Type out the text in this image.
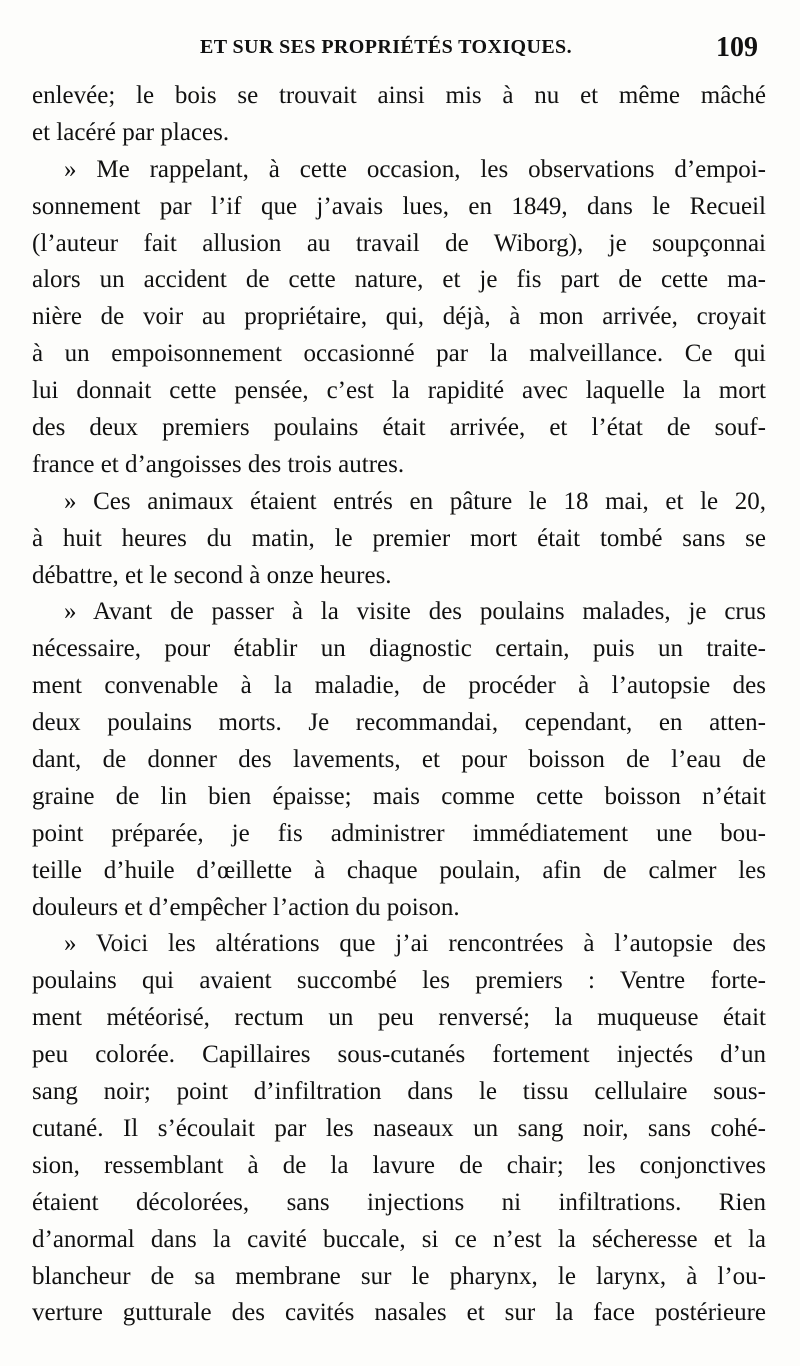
ET SUR SES PROPRIÉTÉS TOXIQUES.	109
enlevée; le bois se trouvait ainsi mis à nu et même mâché
et lacéré par places.
» Me rappelant, à cette occasion, les observations d’empoi-
sonnement par l’if que j’avais lues, en 1849, dans le Recueil
(l’auteur fait allusion au travail de Wiborg), je soupçonnai
alors un accident de cette nature, et je fis part de cette ma-
nière de voir au propriétaire, qui, déjà, à mon arrivée, croyait
à un empoisonnement occasionné par la malveillance. Ce qui
lui donnait cette pensée, c’est la rapidité avec laquelle la mort
des deux premiers poulains était arrivée, et l’état de souf-
france et d’angoisses des trois autres.
» Ces animaux étaient entrés en pâture le 18 mai, et le 20,
à huit heures du matin, le premier mort était tombé sans se
débattre, et le second à onze heures.
» Avant de passer à la visite des poulains malades, je crus
nécessaire, pour établir un diagnostic certain, puis un traite-
ment convenable à la maladie, de procéder à l’autopsie des
deux poulains morts. Je recommandai, cependant, en atten-
dant, de donner des lavements, et pour boisson de l’eau de
graine de lin bien épaisse; mais comme cette boisson n’était
point préparée, je fis administrer immédiatement une bou-
teille d’huile d’œillette à chaque poulain, afin de calmer les
douleurs et d’empêcher l’action du poison.
» Voici les altérations que j’ai rencontrées à l’autopsie des
poulains qui avaient succombé les premiers : Ventre forte-
ment météorisé, rectum un peu renversé; la muqueuse était
peu colorée. Capillaires sous-cutanés fortement injectés d’un
sang noir; point d’infiltration dans le tissu cellulaire sous-
cutané. Il s’écoulait par les naseaux un sang noir, sans cohé-
sion, ressemblant à de la lavure de chair; les conjonctives
étaient décolorées, sans injections ni infiltrations. Rien
d’anormal dans la cavité buccale, si ce n’est la sécheresse et la
blancheur de sa membrane sur le pharynx, le larynx, à l’ou-
verture gutturale des cavités nasales et sur la face postérieure
